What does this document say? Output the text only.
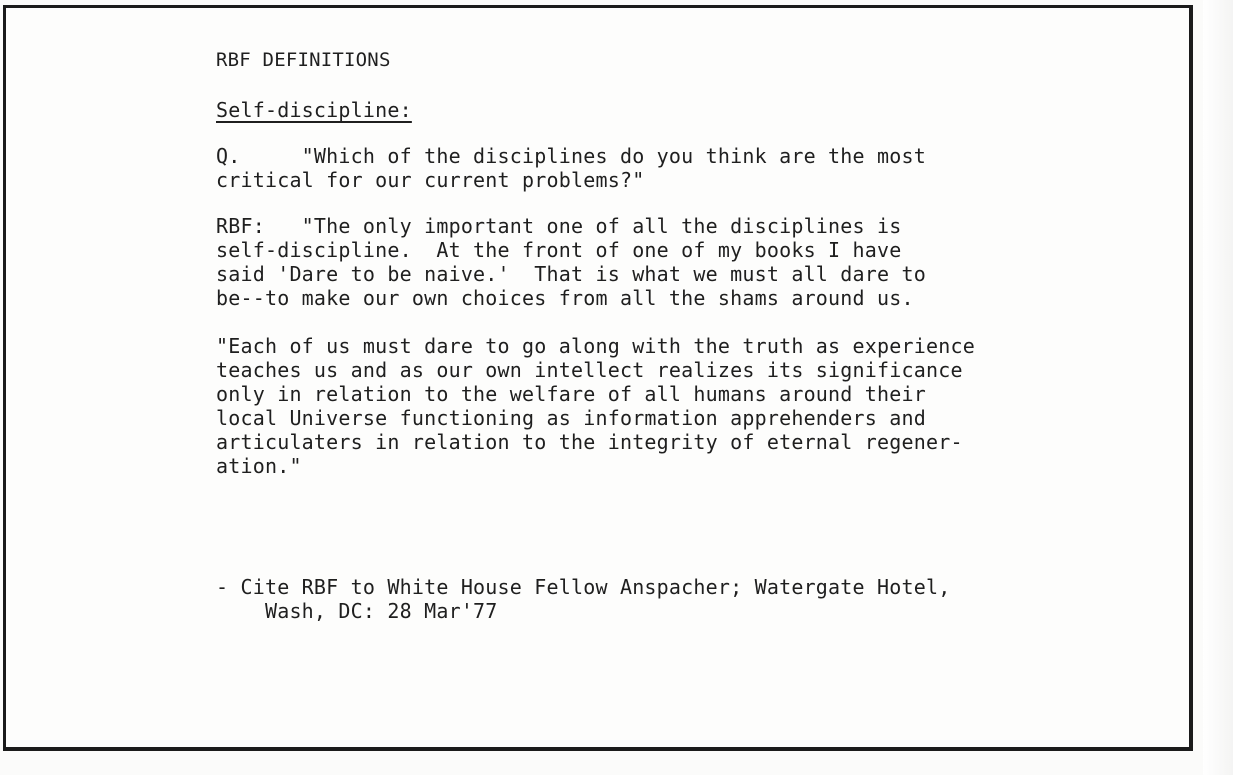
RBF DEFINITIONS

Self-discipline:

Q.     "Which of the disciplines do you think are the most
critical for our current problems?"

RBF:   "The only important one of all the disciplines is
self-discipline.  At the front of one of my books I have
said 'Dare to be naive.'  That is what we must all dare to
be--to make our own choices from all the shams around us.

"Each of us must dare to go along with the truth as experience
teaches us and as our own intellect realizes its significance
only in relation to the welfare of all humans around their
local Universe functioning as information apprehenders and
articulaters in relation to the integrity of eternal regener-
ation."

- Cite RBF to White House Fellow Anspacher; Watergate Hotel,
Wash, DC: 28 Mar'77
